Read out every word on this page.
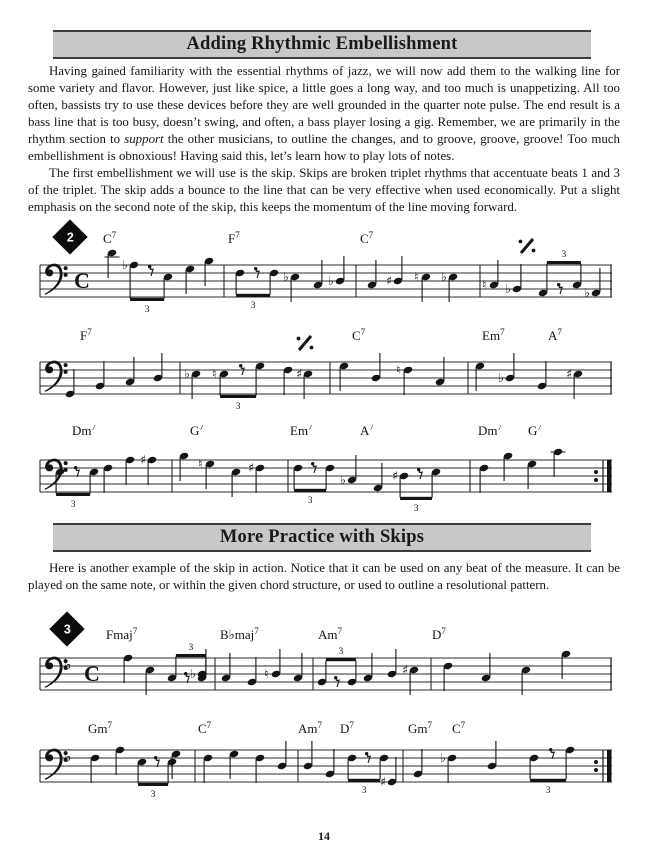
Adding Rhythmic Embellishment

Having gained familiarity with the essential rhythms of jazz, we will now add them to the walking line for some variety and flavor. However, just like spice, a little goes a long way, and too much is unappetizing. All too often, bassists try to use these devices before they are well grounded in the quarter note pulse. The end result is a bass line that is too busy, doesn’t swing, and often, a bass player losing a gig. Remember, we are primarily in the rhythm section to support the other musicians, to outline the changes, and to groove, groove, groove! Too much embellishment is obnoxious! Having said this, let’s learn how to play lots of notes.

The first embellishment we will use is the skip. Skips are broken triplet rhythms that accentuate beats 1 and 3 of the triplet. The skip adds a bounce to the line that can be very effective when used economically. Put a slight emphasis on the second note of the skip, this keeps the momentum of the line moving forward.

2
C
$C^7$	$F^7$	$C^7$
♭
3	3
♭	♭	♯ ♮ ♭
♮ ♭
3
♭
$F^7$	$C^7$	Em$^7$	$A^7$
♭ ♮
3
♯	♮
♭	♯
Dm$^7$	$G^7$	Em$^7$	$A^7$	Dm$^7$ $G^7$
3
♯	♮	♯
3
♭	♯
3
More Practice with Skips

Here is another example of the skip in action. Notice that it can be used on any beat of the measure. It can be played on the same note, or within the given chord structure, or used to outline a resolutional pattern.

3
♭ C
Fmaj$^7$	B♭maj$^7$	Am$^7$	$D^7$
3
♭	♮
3
♯
♭
Gm$^7$	$C^7$	Am$^7$ $D^7$	Gm$^7$ $C^7$
3	3
♯
♭
3
14
